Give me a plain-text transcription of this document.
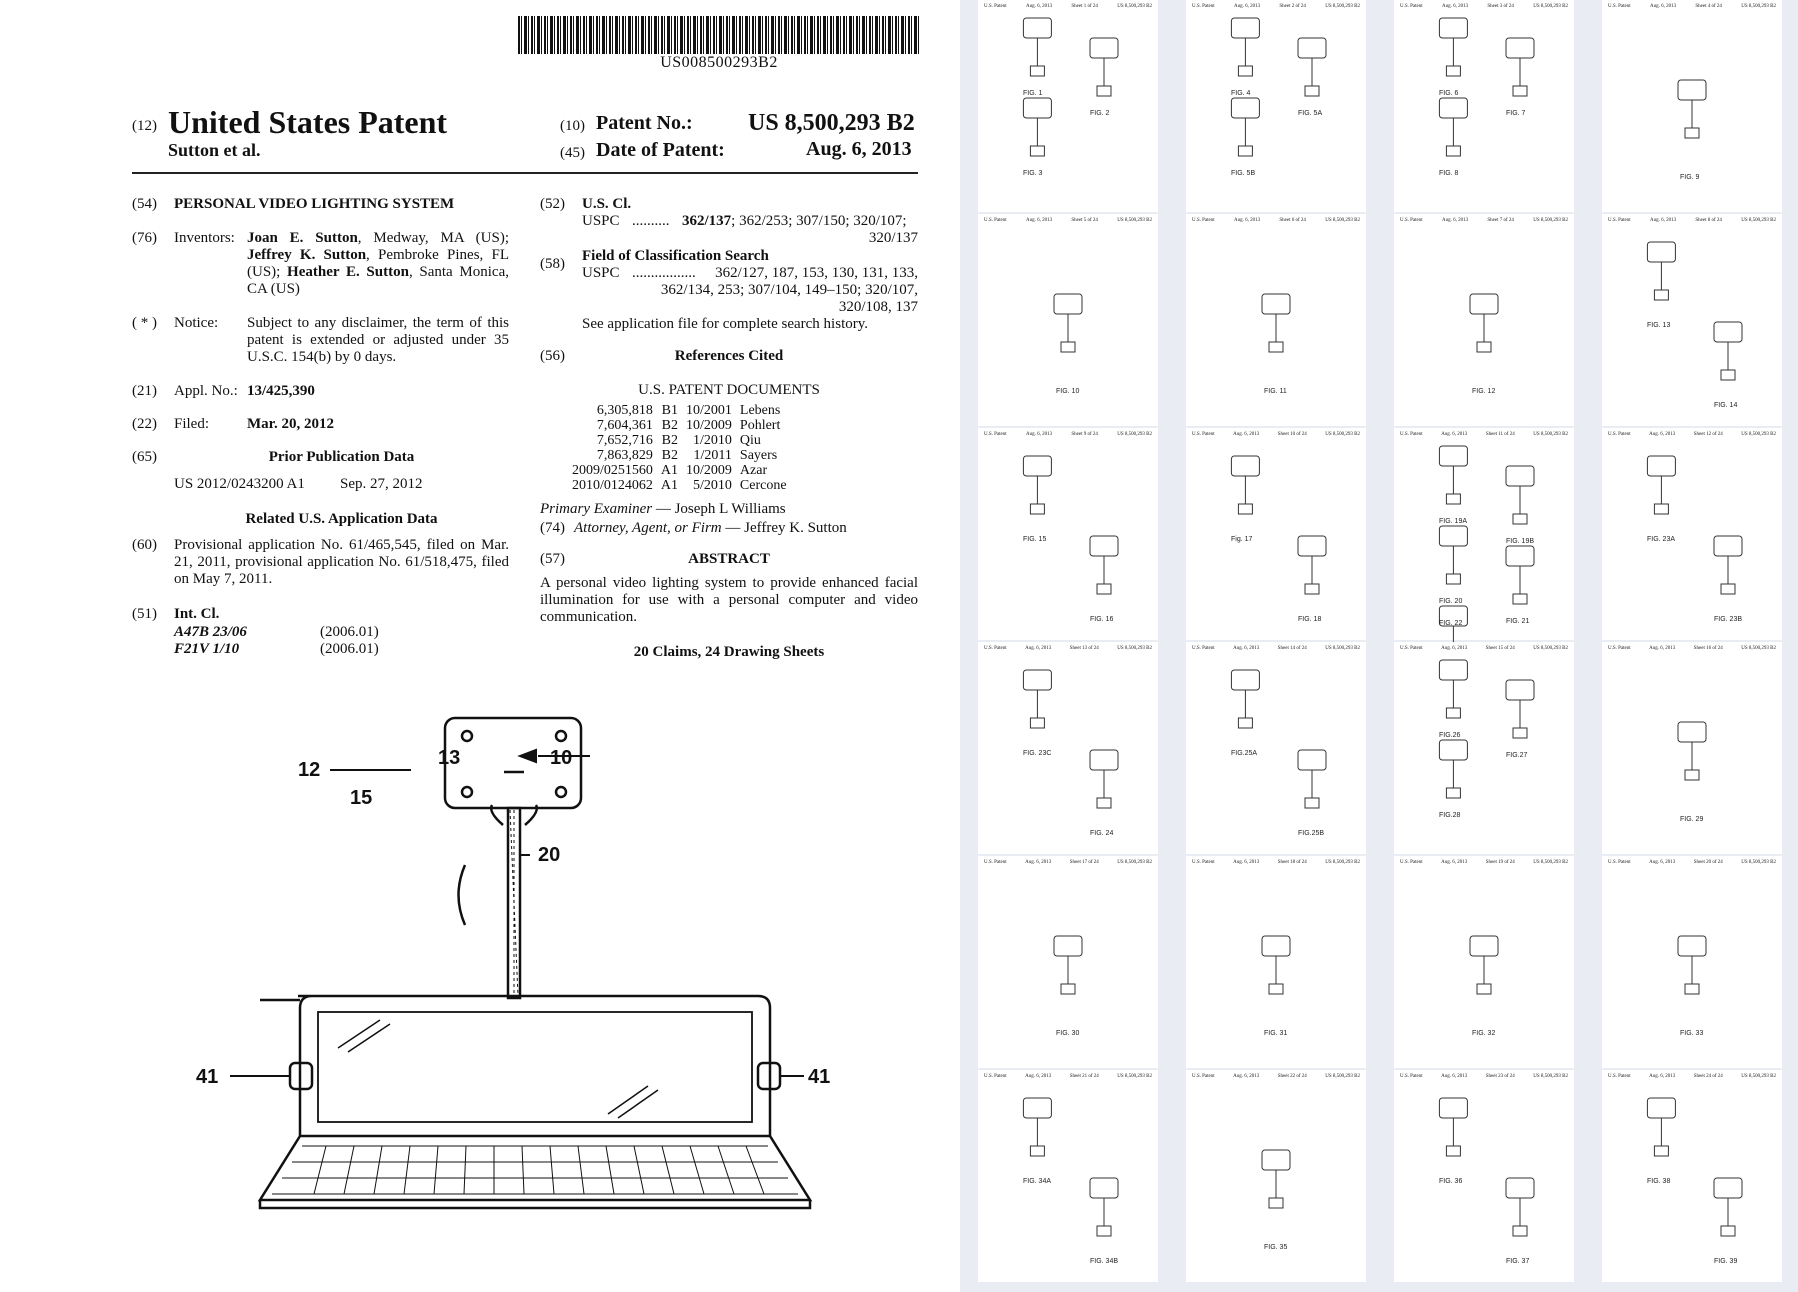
US008500293B2
(12) United States Patent
Sutton et al.
(10) Patent No.: US 8,500,293 B2
(45) Date of Patent:	Aug. 6, 2013
(54) PERSONAL VIDEO LIGHTING SYSTEM
(76) Inventors: Joan E. Sutton, Medway, MA (US); Jeffrey K. Sutton, Pembroke Pines, FL (US); Heather E. Sutton, Santa Monica, CA (US)
( * ) Notice: Subject to any disclaimer, the term of this patent is extended or adjusted under 35 U.S.C. 154(b) by 0 days.
(21) Appl. No.: 13/425,390
(22) Filed:	Mar. 20, 2012
(65)	Prior Publication Data
US 2012/0243200 A1 Sep. 27, 2012
Related U.S. Application Data
(60) Provisional application No. 61/465,545, filed on Mar. 21, 2011, provisional application No. 61/518,475, filed on May 7, 2011.
(51) Int. Cl.
A47B 23/06	(2006.01)
F21V 1/10	(2006.01)
(52) U.S. Cl.
USPC .......... 362/137; 362/253; 307/150; 320/107;
320/137
(58) Field of Classification Search
USPC .................	362/127, 187, 153, 130, 131, 133,
362/134, 253; 307/104, 149–150; 320/107,
320/108, 137
See application file for complete search history.
(56)	References Cited
U.S. PATENT DOCUMENTS
6,305,818	B1	10/2001	Lebens
7,604,361	B2	10/2009	Pohlert
7,652,716	B2	1/2010	Qiu
7,863,829	B2	1/2011	Sayers
2009/0251560	A1	10/2009	Azar
2010/0124062	A1	5/2010	Cercone
Primary Examiner — Joseph L Williams
(74) Attorney, Agent, or Firm — Jeffrey K. Sutton
(57)	ABSTRACT
A personal video lighting system to provide enhanced facial illumination for use with a personal computer and video communication.
20 Claims, 24 Drawing Sheets
13	10
12
15
20
41	41
U.S. Patent	Aug. 6, 2013	Sheet 1 of 24	US 8,500,293 B2
FIG. 1
FIG. 2
FIG. 3
U.S. Patent	Aug. 6, 2013	Sheet 2 of 24	US 8,500,293 B2
FIG. 4
FIG. 5A
FIG. 5B
U.S. Patent	Aug. 6, 2013	Sheet 3 of 24	US 8,500,293 B2
FIG. 6
FIG. 7
FIG. 8
U.S. Patent	Aug. 6, 2013	Sheet 4 of 24	US 8,500,293 B2
FIG. 9
U.S. Patent	Aug. 6, 2013	Sheet 5 of 24	US 8,500,293 B2
FIG. 10
U.S. Patent	Aug. 6, 2013	Sheet 6 of 24	US 8,500,293 B2
FIG. 11
U.S. Patent	Aug. 6, 2013	Sheet 7 of 24	US 8,500,293 B2
FIG. 12
U.S. Patent	Aug. 6, 2013	Sheet 8 of 24	US 8,500,293 B2
FIG. 13
FIG. 14
U.S. Patent	Aug. 6, 2013	Sheet 9 of 24	US 8,500,293 B2
FIG. 15
FIG. 16
U.S. Patent	Aug. 6, 2013	Sheet 10 of 24	US 8,500,293 B2
Fig. 17
FIG. 18
U.S. Patent	Aug. 6, 2013	Sheet 11 of 24	US 8,500,293 B2
FIG. 19A
FIG. 19B
FIG. 20
FIG. 21
FIG. 22
U.S. Patent	Aug. 6, 2013	Sheet 12 of 24	US 8,500,293 B2
FIG. 23A
FIG. 23B
U.S. Patent	Aug. 6, 2013	Sheet 13 of 24	US 8,500,293 B2
FIG. 23C
FIG. 24
U.S. Patent	Aug. 6, 2013	Sheet 14 of 24	US 8,500,293 B2
FIG.25A
FIG.25B
U.S. Patent	Aug. 6, 2013	Sheet 15 of 24	US 8,500,293 B2
FIG.26
FIG.27
FIG.28
U.S. Patent	Aug. 6, 2013	Sheet 16 of 24	US 8,500,293 B2
FIG. 29
U.S. Patent	Aug. 6, 2013	Sheet 17 of 24	US 8,500,293 B2
FIG. 30
U.S. Patent	Aug. 6, 2013	Sheet 18 of 24	US 8,500,293 B2
FIG. 31
U.S. Patent	Aug. 6, 2013	Sheet 19 of 24	US 8,500,293 B2
FIG. 32
U.S. Patent	Aug. 6, 2013	Sheet 20 of 24	US 8,500,293 B2
FIG. 33
U.S. Patent	Aug. 6, 2013	Sheet 21 of 24	US 8,500,293 B2
FIG. 34A
FIG. 34B
U.S. Patent	Aug. 6, 2013	Sheet 22 of 24	US 8,500,293 B2
FIG. 35
U.S. Patent	Aug. 6, 2013	Sheet 23 of 24	US 8,500,293 B2
FIG. 36
FIG. 37
U.S. Patent	Aug. 6, 2013	Sheet 24 of 24	US 8,500,293 B2
FIG. 38
FIG. 39
